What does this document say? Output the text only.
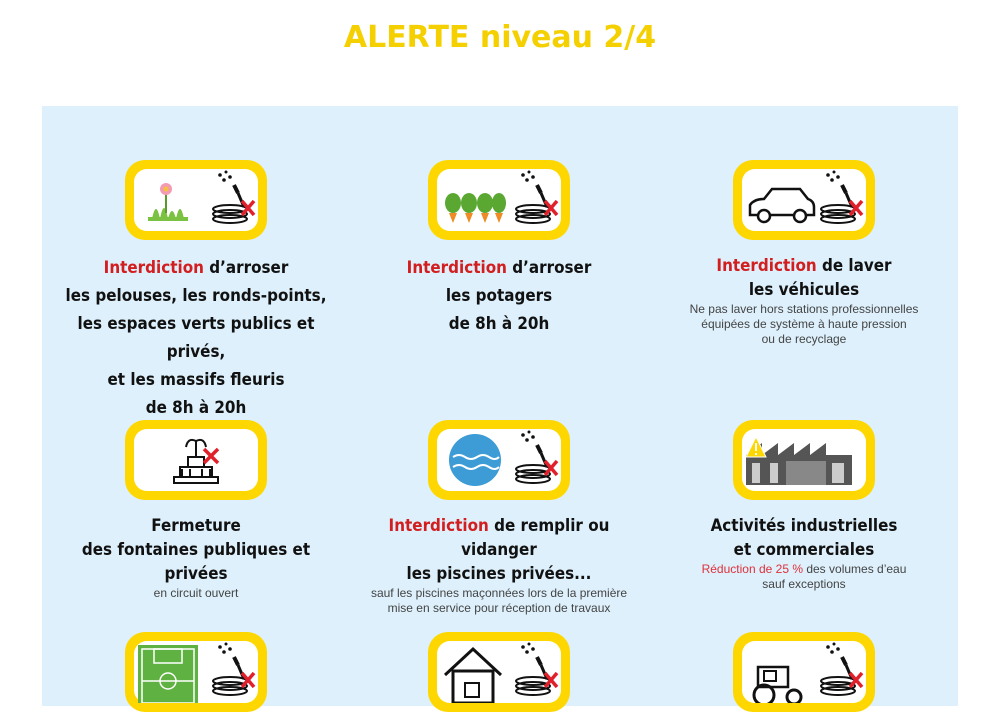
ALERTE niveau 2/4
Interdiction d’arroser
les pelouses, les ronds-points,
les espaces verts publics et privés,
et les massifs fleuris
de 8h à 20h
Interdiction d’arroser
les potagers
de 8h à 20h
Interdiction de laver
les véhicules
Ne pas laver hors stations professionnelles
équipées de système à haute pression
ou de recyclage
Fermeture
des fontaines publiques et privées
en circuit ouvert
Interdiction de remplir ou vidanger
les piscines privées...
sauf les piscines maçonnées lors de la première
mise en service pour réception de travaux
Activités industrielles
et commerciales
Réduction de 25 % des volumes d’eau
sauf exceptions
